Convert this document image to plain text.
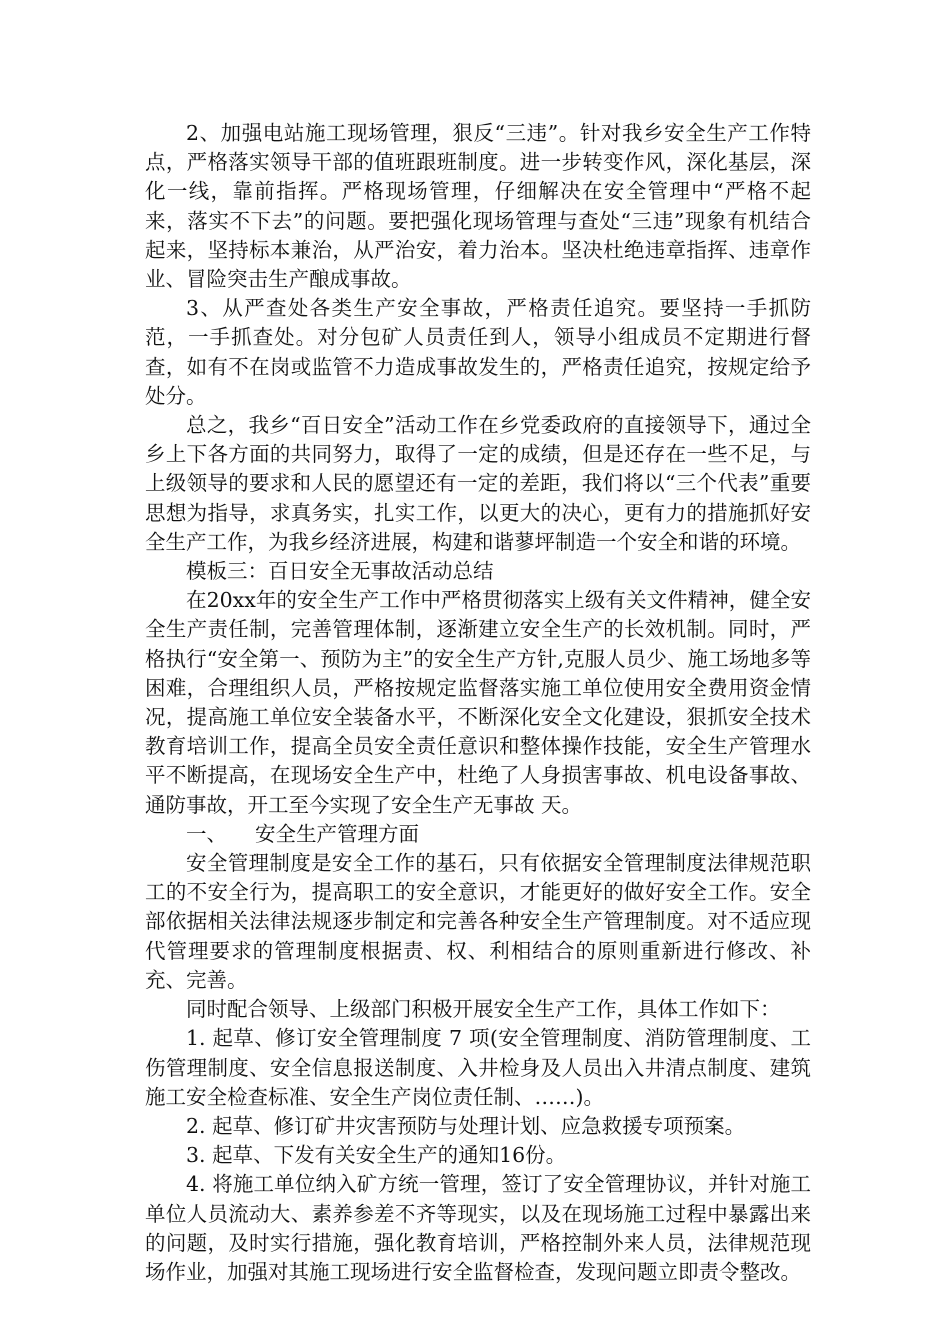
2、加强电站施工现场管理，狠反“三违”。针对我乡安全生产工作特点，严格落实领导干部的值班跟班制度。进一步转变作风，深化基层，深化一线，靠前指挥。严格现场管理，仔细解决在安全管理中“严格不起来，落实不下去”的问题。要把强化现场管理与查处“三违”现象有机结合起来，坚持标本兼治，从严治安，着力治本。坚决杜绝违章指挥、违章作业、冒险突击生产酿成事故。

3、从严查处各类生产安全事故，严格责任追究。要坚持一手抓防范，一手抓查处。对分包矿人员责任到人，领导小组成员不定期进行督查，如有不在岗或监管不力造成事故发生的，严格责任追究，按规定给予处分。

总之，我乡“百日安全”活动工作在乡党委政府的直接领导下，通过全乡上下各方面的共同努力，取得了一定的成绩，但是还存在一些不足，与上级领导的要求和人民的愿望还有一定的差距，我们将以“三个代表”重要思想为指导，求真务实，扎实工作，以更大的决心，更有力的措施抓好安全生产工作，为我乡经济进展，构建和谐蓼坪制造一个安全和谐的环境。

模板三：百日安全无事故活动总结

在20xx年的安全生产工作中严格贯彻落实上级有关文件精神，健全安全生产责任制，完善管理体制，逐渐建立安全生产的长效机制。同时，严格执行“安全第一、预防为主”的安全生产方针,克服人员少、施工场地多等困难，合理组织人员，严格按规定监督落实施工单位使用安全费用资金情况，提高施工单位安全装备水平，不断深化安全文化建设，狠抓安全技术教育培训工作，提高全员安全责任意识和整体操作技能，安全生产管理水平不断提高，在现场安全生产中，杜绝了人身损害事故、机电设备事故、通防事故，开工至今实现了安全生产无事故 天。

一、 安全生产管理方面

安全管理制度是安全工作的基石，只有依据安全管理制度法律规范职工的不安全行为，提高职工的安全意识，才能更好的做好安全工作。安全部依据相关法律法规逐步制定和完善各种安全生产管理制度。对不适应现代管理要求的管理制度根据责、权、利相结合的原则重新进行修改、补充、完善。

同时配合领导、上级部门积极开展安全生产工作，具体工作如下：

1. 起草、修订安全管理制度 7 项(安全管理制度、消防管理制度、工伤管理制度、安全信息报送制度、入井检身及人员出入井清点制度、建筑施工安全检查标准、安全生产岗位责任制、……)。

2. 起草、修订矿井灾害预防与处理计划、应急救援专项预案。

3. 起草、下发有关安全生产的通知16份。

4. 将施工单位纳入矿方统一管理，签订了安全管理协议，并针对施工单位人员流动大、素养参差不齐等现实，以及在现场施工过程中暴露出来的问题，及时实行措施，强化教育培训，严格控制外来人员，法律规范现场作业，加强对其施工现场进行安全监督检查，发现问题立即责令整改。
